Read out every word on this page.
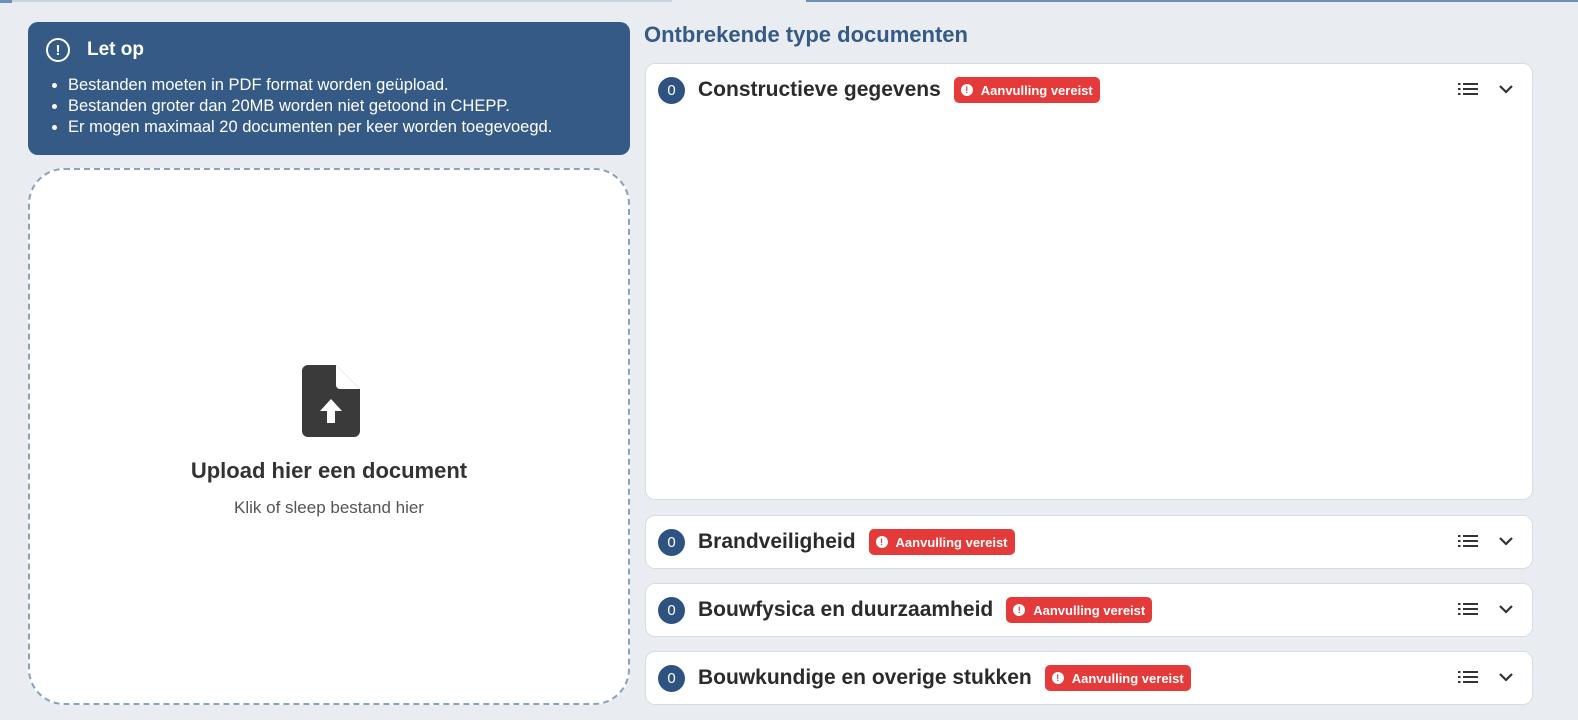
!	Let op
• Bestanden moeten in PDF format worden geüpload.
• Bestanden groter dan 20MB worden niet getoond in CHEPP.
• Er mogen maximaal 20 documenten per keer worden toegevoegd.
Upload hier een document
Klik of sleep bestand hier
Ontbrekende type documenten
0	Constructieve gegevens	! Aanvulling vereist
0	Brandveiligheid	! Aanvulling vereist
0	Bouwfysica en duurzaamheid	! Aanvulling vereist
0	Bouwkundige en overige stukken	! Aanvulling vereist
